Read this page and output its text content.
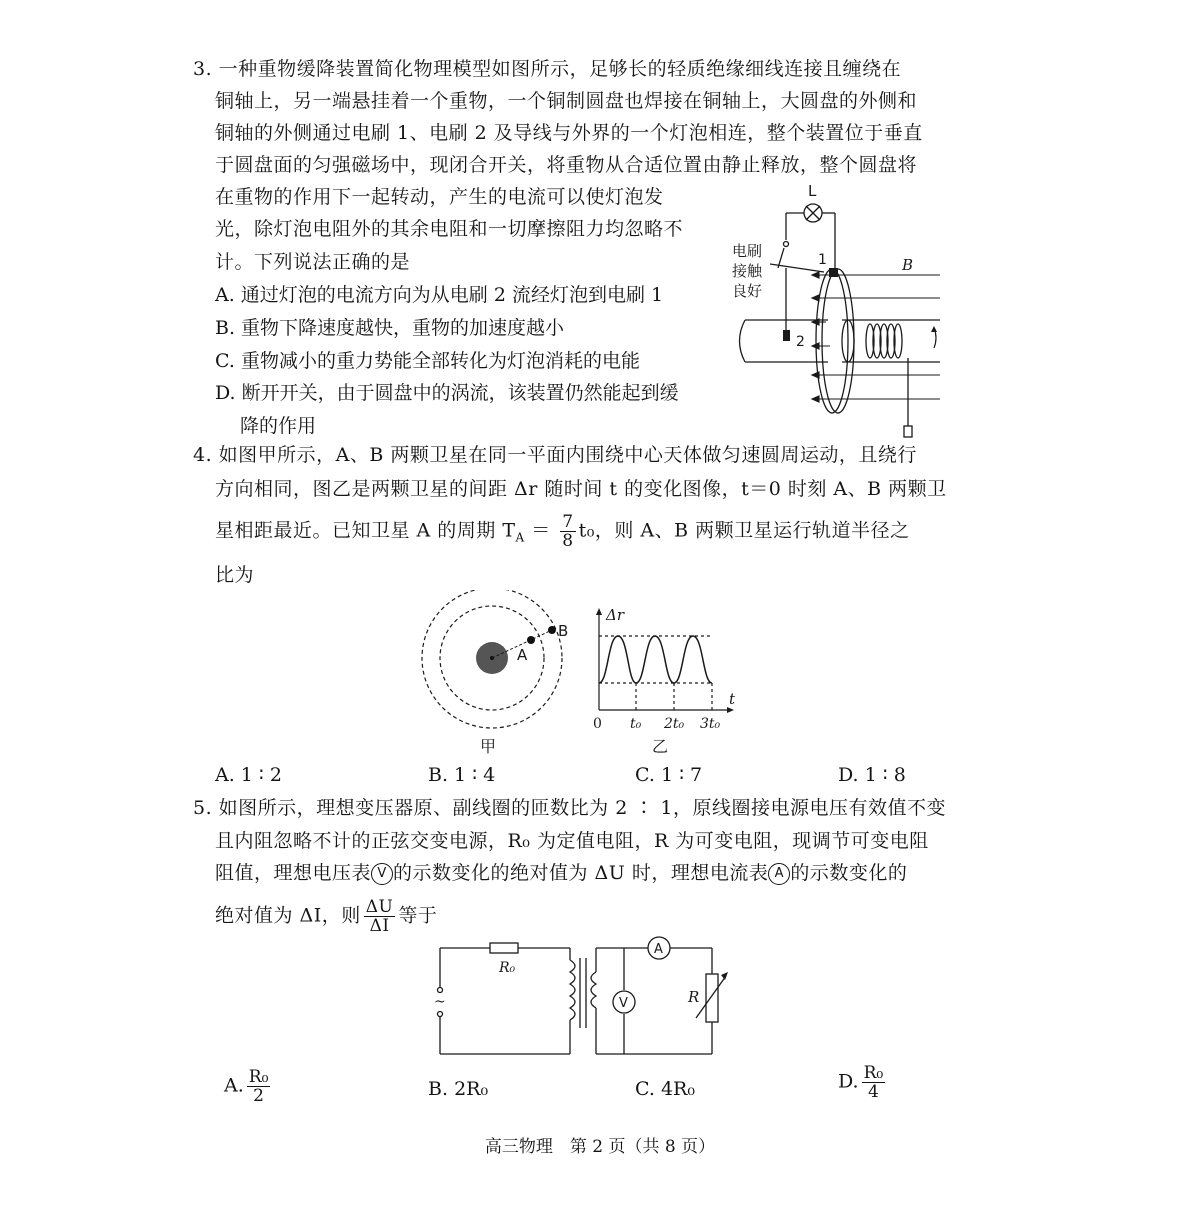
3. 一种重物缓降装置简化物理模型如图所示，足够长的轻质绝缘细线连接且缠绕在
铜轴上，另一端悬挂着一个重物，一个铜制圆盘也焊接在铜轴上，大圆盘的外侧和
铜轴的外侧通过电刷 1、电刷 2 及导线与外界的一个灯泡相连，整个装置位于垂直
于圆盘面的匀强磁场中，现闭合开关，将重物从合适位置由静止释放，整个圆盘将
在重物的作用下一起转动，产生的电流可以使灯泡发
光，除灯泡电阻外的其余电阻和一切摩擦阻力均忽略不
计。下列说法正确的是
A. 通过灯泡的电流方向为从电刷 2 流经灯泡到电刷 1
B. 重物下降速度越快，重物的加速度越小
C. 重物减小的重力势能全部转化为灯泡消耗的电能
D. 断开开关，由于圆盘中的涡流，该装置仍然能起到缓
降的作用
L
电刷
接触
良好
1
2
B
4. 如图甲所示，A、B 两颗卫星在同一平面内围绕中心天体做匀速圆周运动，且绕行
方向相同，图乙是两颗卫星的间距 Δr 随时间 t 的变化图像，t＝0 时刻 A、B 两颗卫
星相距最近。已知卫星 A 的周期 $T_A = \frac{7}{8} t_0$，则 A、B 两颗卫星运行轨道半径之
比为
A
B
甲
Δr
t
0 t₀ 2t₀ 3t₀
乙
A. 1 ∶ 2	B. 1 ∶ 4	C. 1 ∶ 7	D. 1 ∶ 8
5. 如图所示，理想变压器原、副线圈的匝数比为 2 ∶ 1，原线圈接电源电压有效值不变
且内阻忽略不计的正弦交变电源，R₀ 为定值电阻，R 为可变电阻，现调节可变电阻
阻值，理想电压表 V 的示数变化的绝对值为 ΔU 时，理想电流表 A 的示数变化的
绝对值为 ΔI，则 $\frac{\Delta U}{\Delta I}$ 等于
R₀
~	V
A
R
A. $\frac{\text{R₀}}{2}$	B. 2R₀	C. 4R₀	D. $\frac{\text{R₀}}{4}$
高三物理　第 2 页（共 8 页）
